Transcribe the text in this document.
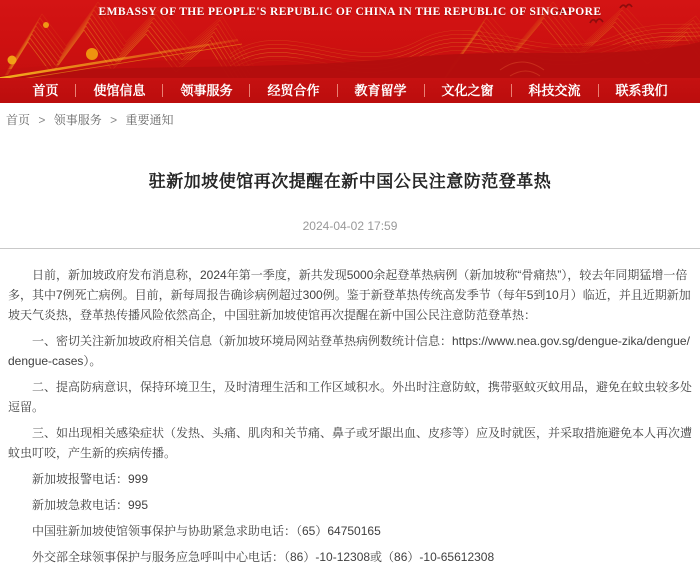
EMBASSY OF THE PEOPLE'S REPUBLIC OF CHINA IN THE REPUBLIC OF SINGAPORE
首页	使馆信息	领事服务	经贸合作	教育留学	文化之窗	科技交流	联系我们
首页 > 领事服务 > 重要通知
驻新加坡使馆再次提醒在新中国公民注意防范登革热
2024-04-02 17:59

日前，新加坡政府发布消息称，2024年第一季度，新共发现5000余起登革热病例（新加坡称“骨痛热”），较去年同期猛增一倍多，其中7例死亡病例。目前，新每周报告确诊病例超过300例。鉴于新登革热传统高发季节（每年5到10月）临近，并且近期新加坡天气炎热，登革热传播风险依然高企，中国驻新加坡使馆再次提醒在新中国公民注意防范登革热：

一、密切关注新加坡政府相关信息（新加坡环境局网站登革热病例数统计信息：https://www.nea.gov.sg/dengue-zika/dengue/dengue-cases）。

二、提高防病意识，保持环境卫生，及时清理生活和工作区域积水。外出时注意防蚊，携带驱蚊灭蚊用品，避免在蚊虫较多处逗留。

三、如出现相关感染症状（发热、头痛、肌肉和关节痛、鼻子或牙龈出血、皮疹等）应及时就医，并采取措施避免本人再次遭蚊虫叮咬，产生新的疾病传播。

新加坡报警电话：999

新加坡急救电话：995

中国驻新加坡使馆领事保护与协助紧急求助电话：（65）64750165

外交部全球领事保护与服务应急呼叫中心电话：（86）-10-12308或（86）-10-65612308
